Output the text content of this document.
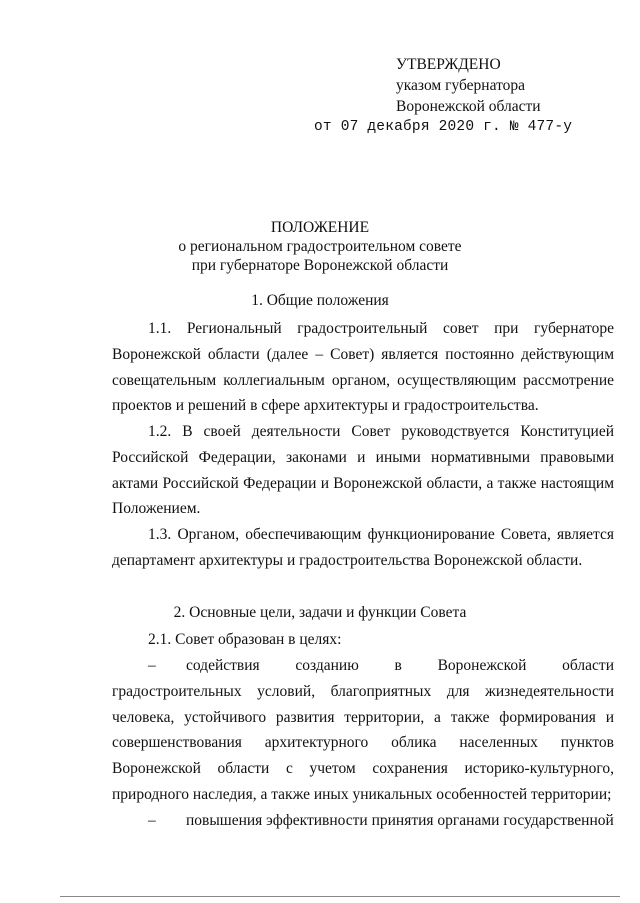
УТВЕРЖДЕНО
указом губернатора
Воронежской области
от 07 декабря 2020 г. № 477-у
ПОЛОЖЕНИЕ
о региональном градостроительном совете
при губернаторе Воронежской области
1. Общие положения
1.1. Региональный градостроительный совет при губернаторе Воронежской области (далее – Совет) является постоянно действующим совещательным коллегиальным органом, осуществляющим рассмотрение проектов и решений в сфере архитектуры и градостроительства.
1.2. В своей деятельности Совет руководствуется Конституцией Российской Федерации, законами и иными нормативными правовыми актами Российской Федерации и Воронежской области, а также настоящим Положением.
1.3. Органом, обеспечивающим функционирование Совета, является департамент архитектуры и градостроительства Воронежской области.
2. Основные цели, задачи и функции Совета
2.1. Совет образован в целях:
– содействия созданию в Воронежской области градостроительных условий, благоприятных для жизнедеятельности человека, устойчивого развития территории, а также формирования и совершенствования архитектурного облика населенных пунктов Воронежской области с учетом сохранения историко-культурного, природного наследия, а также иных уникальных особенностей территории;
– повышения эффективности принятия органами государственной
